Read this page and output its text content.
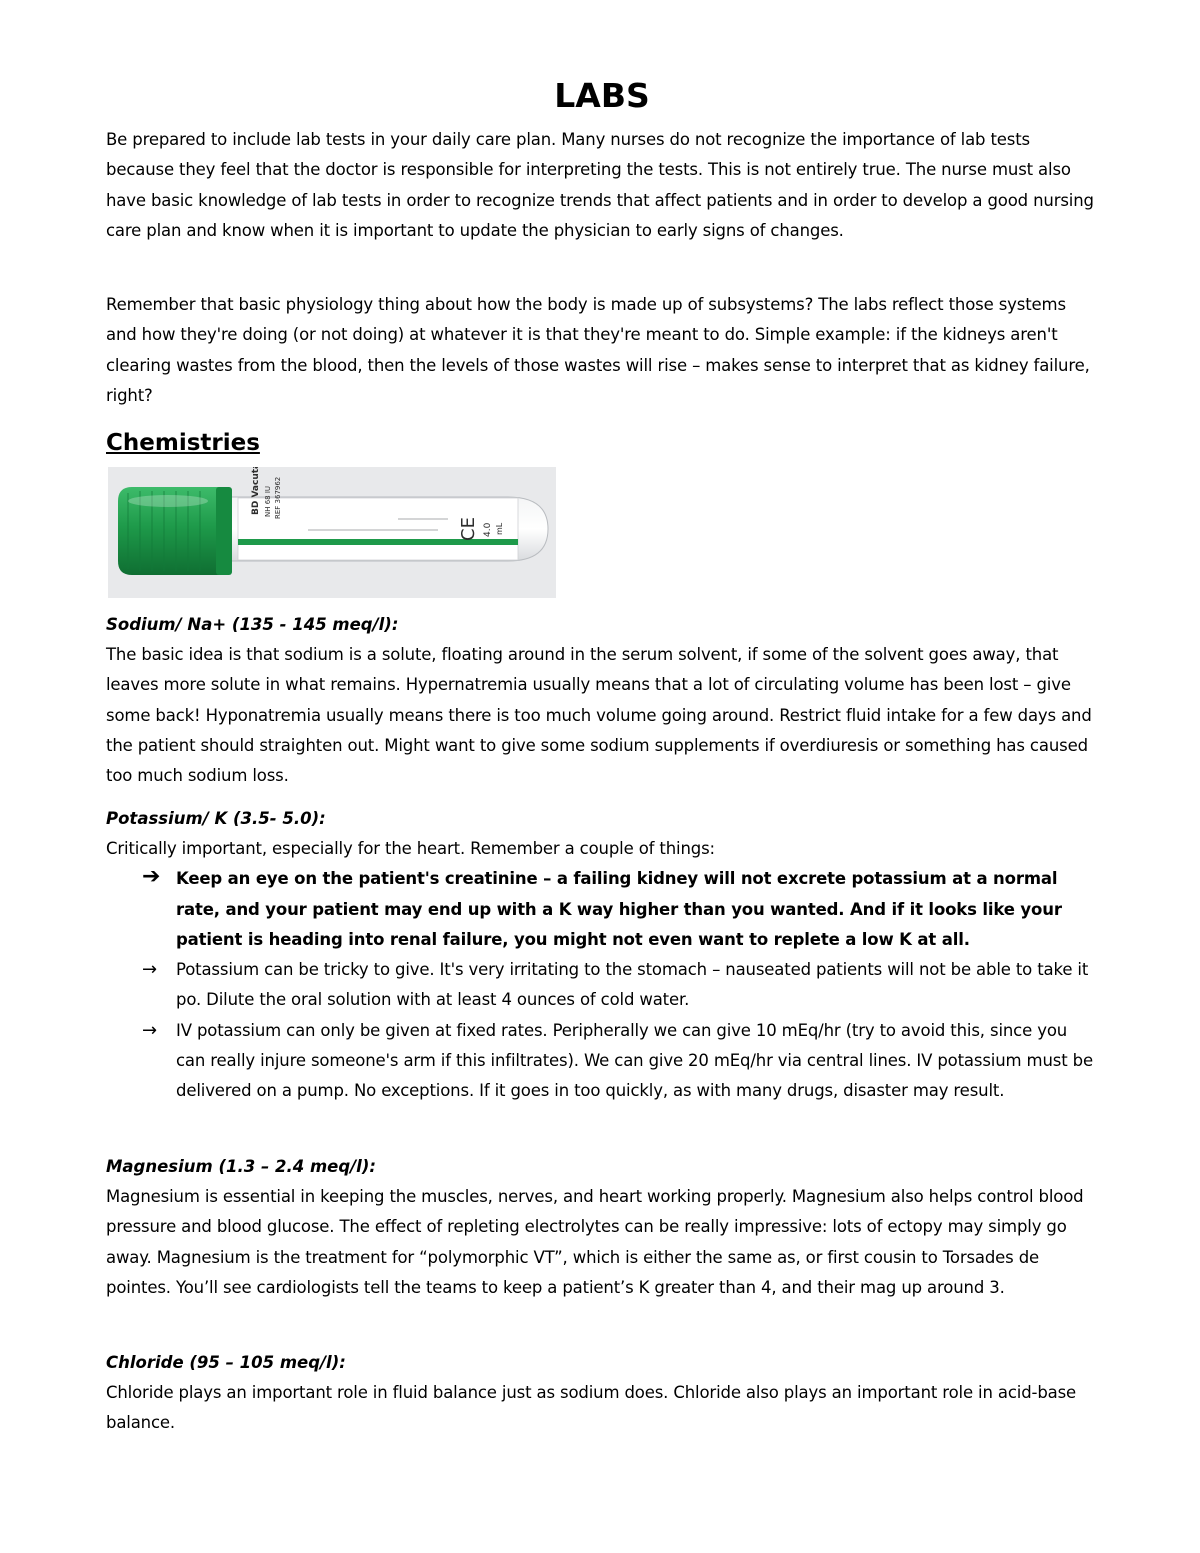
LABS

Be prepared to include lab tests in your daily care plan. Many nurses do not recognize the importance of lab tests because they feel that the doctor is responsible for interpreting the tests. This is not entirely true. The nurse must also have basic knowledge of lab tests in order to recognize trends that affect patients and in order to develop a good nursing care plan and know when it is important to update the physician to early signs of changes.

Remember that basic physiology thing about how the body is made up of subsystems? The labs reflect those systems and how they're doing (or not doing) at whatever it is that they're meant to do. Simple example: if the kidneys aren't clearing wastes from the blood, then the levels of those wastes will rise – makes sense to interpret that as kidney failure, right?

Chemistries
BD Vacutainer NH 68 IU REF 367962
CE 4.0 mL

Sodium/ Na+ (135 - 145 meq/l):

The basic idea is that sodium is a solute, floating around in the serum solvent, if some of the solvent goes away, that leaves more solute in what remains. Hypernatremia usually means that a lot of circulating volume has been lost – give some back! Hyponatremia usually means there is too much volume going around. Restrict fluid intake for a few days and the patient should straighten out. Might want to give some sodium supplements if overdiuresis or something has caused too much sodium loss.

Potassium/ K (3.5- 5.0):

Critically important, especially for the heart. Remember a couple of things:

➔ Keep an eye on the patient's creatinine – a failing kidney will not excrete potassium at a normal rate, and your patient may end up with a K way higher than you wanted. And if it looks like your patient is heading into renal failure, you might not even want to replete a low K at all.
→ Potassium can be tricky to give. It's very irritating to the stomach – nauseated patients will not be able to take it po. Dilute the oral solution with at least 4 ounces of cold water.
→ IV potassium can only be given at fixed rates. Peripherally we can give 10 mEq/hr (try to avoid this, since you can really injure someone's arm if this infiltrates). We can give 20 mEq/hr via central lines. IV potassium must be delivered on a pump. No exceptions. If it goes in too quickly, as with many drugs, disaster may result.

Magnesium (1.3 – 2.4 meq/l):

Magnesium is essential in keeping the muscles, nerves, and heart working properly. Magnesium also helps control blood pressure and blood glucose. The effect of repleting electrolytes can be really impressive: lots of ectopy may simply go away. Magnesium is the treatment for “polymorphic VT”, which is either the same as, or first cousin to Torsades de pointes. You’ll see cardiologists tell the teams to keep a patient’s K greater than 4, and their mag up around 3.

Chloride (95 – 105 meq/l):

Chloride plays an important role in fluid balance just as sodium does. Chloride also plays an important role in acid-base balance.
